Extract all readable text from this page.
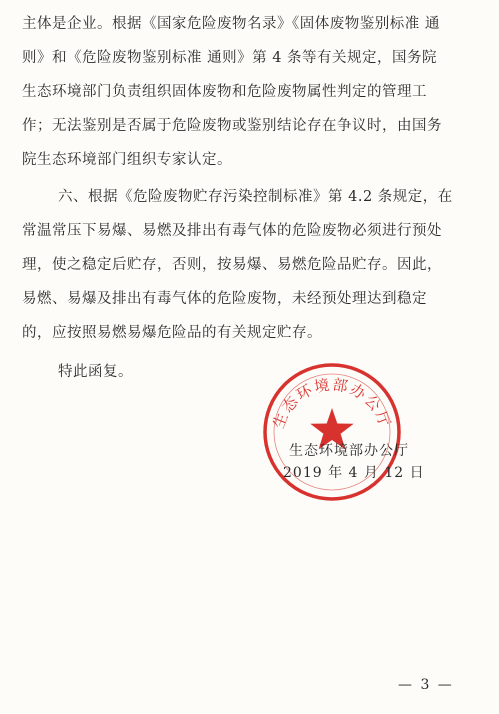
主体是企业。根据《国家危险废物名录》《固体废物鉴别标准 通
则》和《危险废物鉴别标准 通则》第 4 条等有关规定，国务院
生态环境部门负责组织固体废物和危险废物属性判定的管理工
作；无法鉴别是否属于危险废物或鉴别结论存在争议时，由国务
院生态环境部门组织专家认定。
六、根据《危险废物贮存污染控制标准》第 4.2 条规定，在
常温常压下易爆、易燃及排出有毒气体的危险废物必须进行预处
理，使之稳定后贮存，否则，按易爆、易燃危险品贮存。因此，
易燃、易爆及排出有毒气体的危险废物，未经预处理达到稳定
的，应按照易燃易爆危险品的有关规定贮存。
特此函复。
生态环境部办公厅
生态环境部办公厅
2019 年 4 月 12 日
— 3 —
